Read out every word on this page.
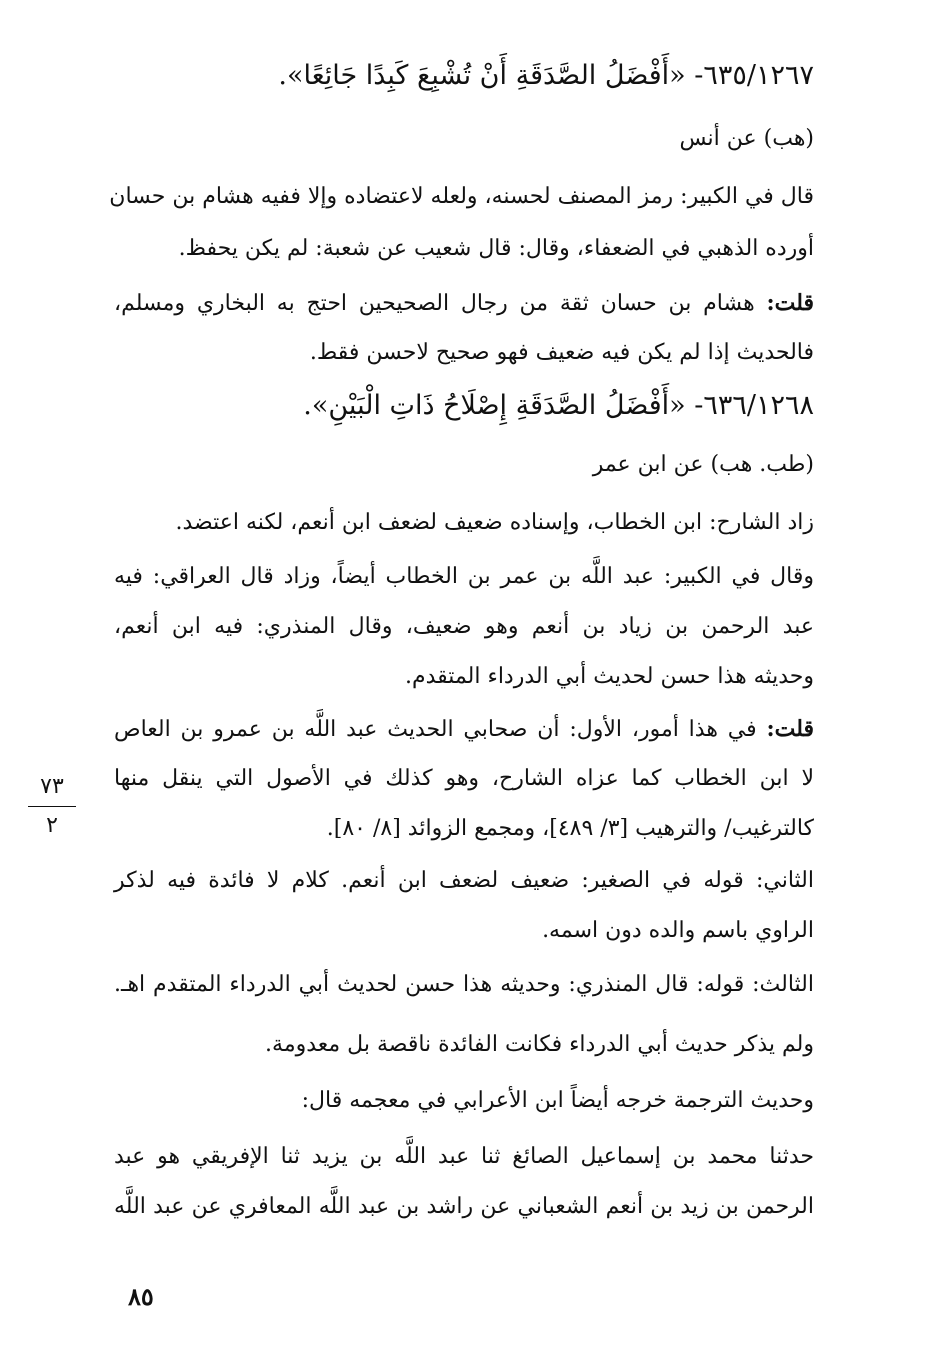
٦٣٥/١٢٦٧- «أَفْضَلُ الصَّدَقَةِ أَنْ تُشْبِعَ كَبِدًا جَائِعًا».
(هب) عن أنس
قال في الكبير: رمز المصنف لحسنه، ولعله لاعتضاده وإلا ففيه هشام بن حسان
أورده الذهبي في الضعفاء، وقال: قال شعيب عن شعبة: لم يكن يحفظ.
قلت: هشام بن حسان ثقة من رجال الصحيحين احتج به البخاري ومسلم،
فالحديث إذا لم يكن فيه ضعيف فهو صحيح لاحسن فقط.
٦٣٦/١٢٦٨- «أَفْضَلُ الصَّدَقَةِ إِصْلَاحُ ذَاتِ الْبَيْنِ».
(طب. هب) عن ابن عمر
زاد الشارح: ابن الخطاب، وإسناده ضعيف لضعف ابن أنعم، لكنه اعتضد.
وقال في الكبير: عبد اللَّه بن عمر بن الخطاب أيضاً، وزاد قال العراقي: فيه
عبد الرحمن بن زياد بن أنعم وهو ضعيف، وقال المنذري: فيه ابن أنعم،
وحديثه هذا حسن لحديث أبي الدرداء المتقدم.
قلت: في هذا أمور، الأول: أن صحابي الحديث عبد اللَّه بن عمرو بن العاص
لا ابن الخطاب كما عزاه الشارح، وهو كذلك في الأصول التي ينقل منها
كالترغيب/ والترهيب [٣/ ٤٨٩]، ومجمع الزوائد [٨/ ٨٠].
الثاني: قوله في الصغير: ضعيف لضعف ابن أنعم. كلام لا فائدة فيه لذكر
الراوي باسم والده دون اسمه.
الثالث: قوله: قال المنذري: وحديثه هذا حسن لحديث أبي الدرداء المتقدم اهـ.
ولم يذكر حديث أبي الدرداء فكانت الفائدة ناقصة بل معدومة.
وحديث الترجمة خرجه أيضاً ابن الأعرابي في معجمه قال:
حدثنا محمد بن إسماعيل الصائغ ثنا عبد اللَّه بن يزيد ثنا الإفريقي هو عبد
الرحمن بن زيد بن أنعم الشعباني عن راشد بن عبد اللَّه المعافري عن عبد اللَّه
٧٣
٢
٨٥
